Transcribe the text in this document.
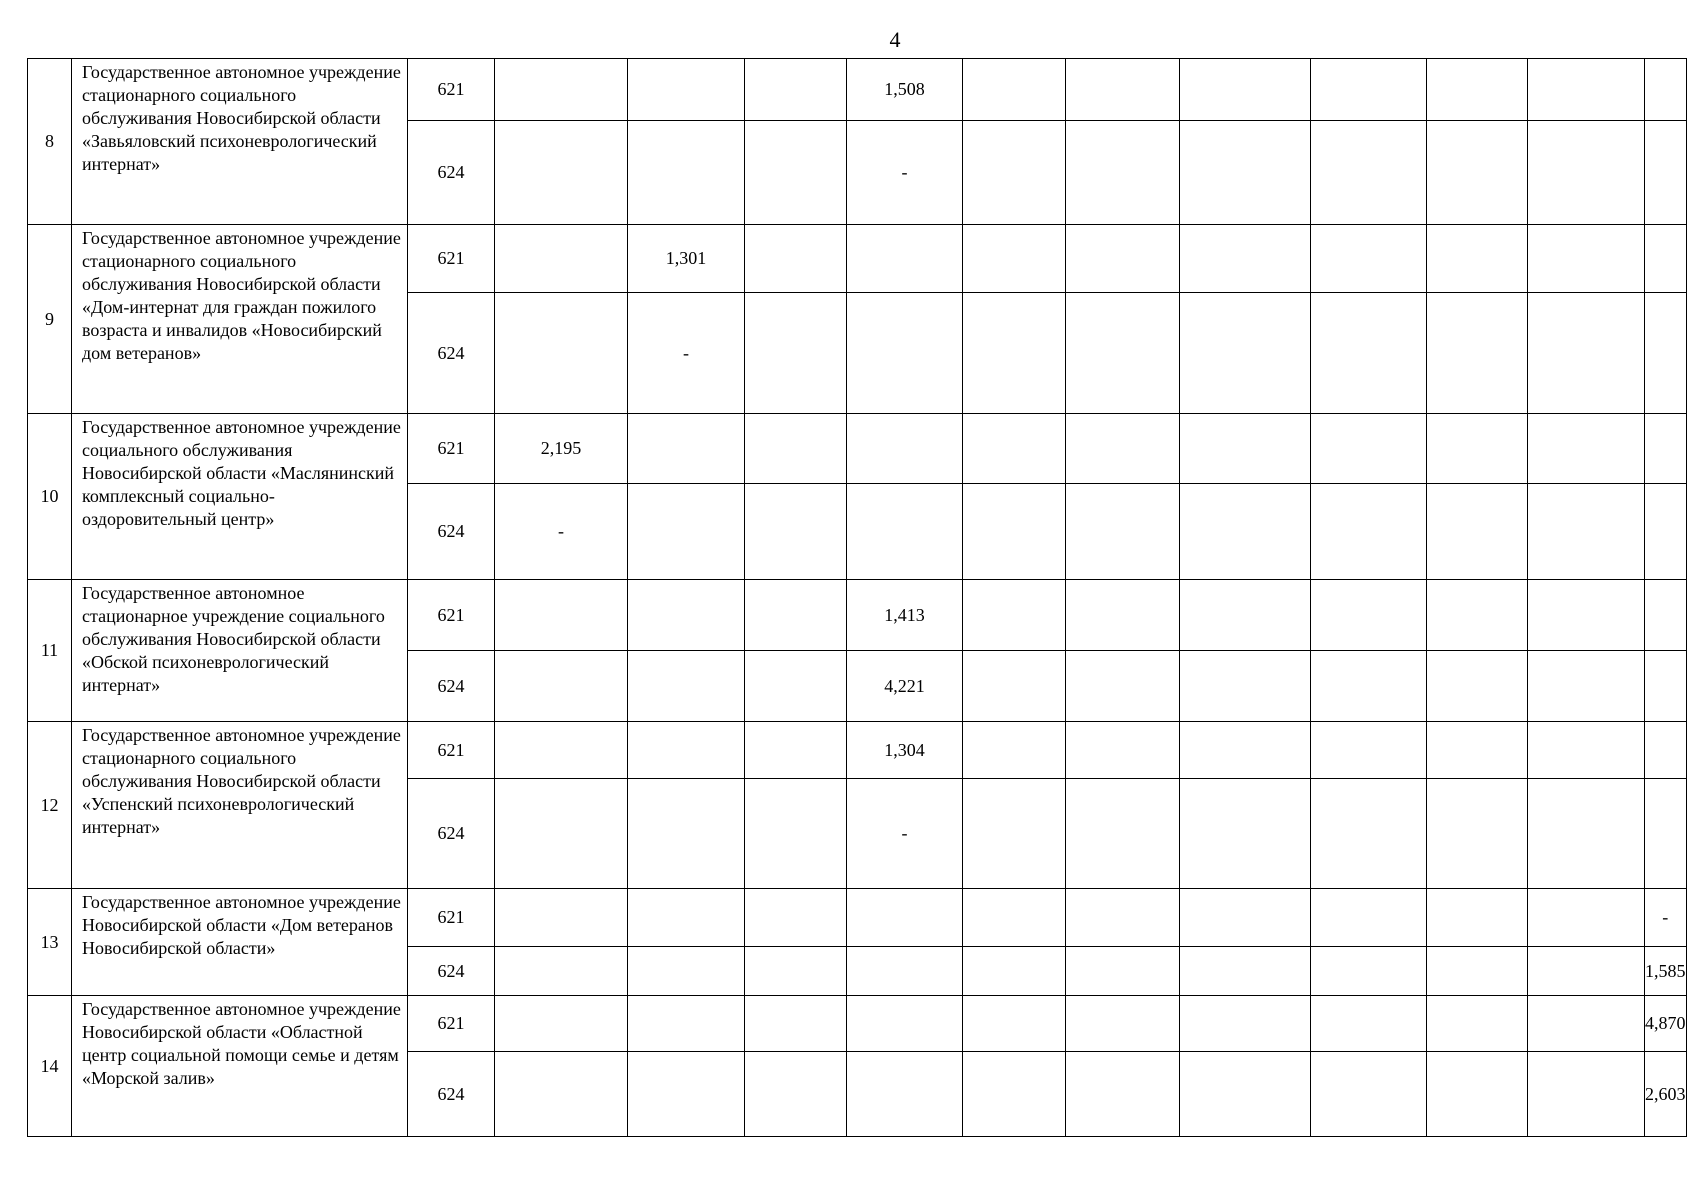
4
8	Государственное автономное учреждение стационарного социального обслуживания Новосибирской области «Завьяловский психоневрологический интернат»	621				1,508							
		624				-							
9	Государственное автономное учреждение стационарного социального обслуживания Новосибирской области «Дом-интернат для граждан пожилого возраста и инвалидов «Новосибирский дом ветеранов»	621		1,301									
		624		-									
10	Государственное автономное учреждение социального обслуживания Новосибирской области «Маслянинский комплексный социально-оздоровительный центр»	621	2,195										
		624	-										
11	Государственное автономное стационарное учреждение социального обслуживания Новосибирской области «Обской психоневрологический интернат»	621				1,413							
		624				4,221							
12	Государственное автономное учреждение стационарного социального обслуживания Новосибирской области «Успенский психоневрологический интернат»	621				1,304							
		624				-							
13	Государственное автономное учреждение Новосибирской области «Дом ветеранов Новосибирской области»	621											-
		624											1,585
14	Государственное автономное учреждение Новосибирской области «Областной центр социальной помощи семье и детям «Морской залив»	621											4,870
		624											2,603
